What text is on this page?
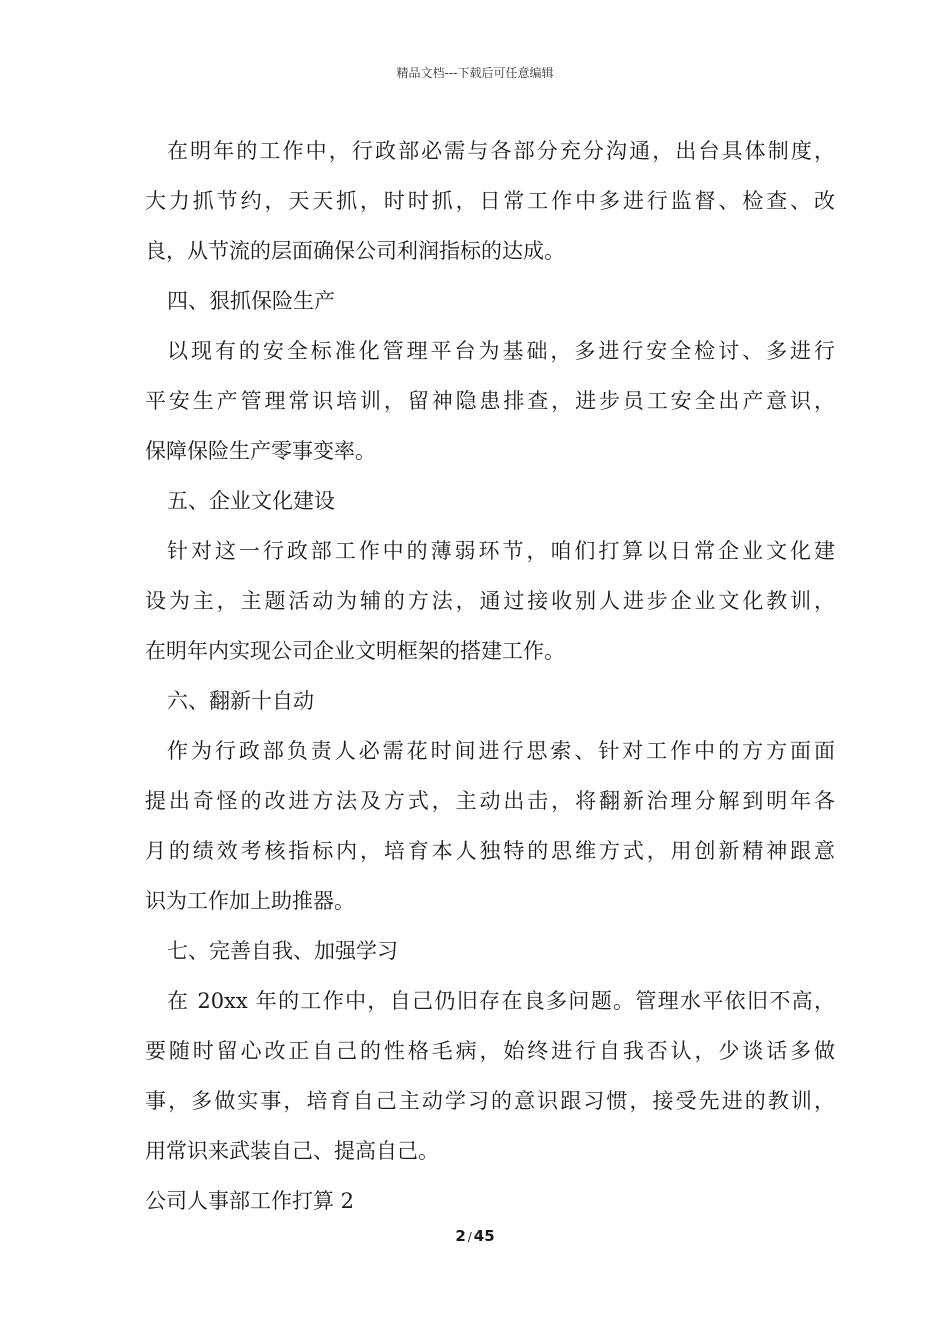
精品文档---下载后可任意编辑
在明年的工作中，行政部必需与各部分充分沟通，出台具体制度，
大力抓节约，天天抓，时时抓，日常工作中多进行监督、检查、改
良，从节流的层面确保公司利润指标的达成。
四、狠抓保险生产
以现有的安全标准化管理平台为基础，多进行安全检讨、多进行
平安生产管理常识培训，留神隐患排查，进步员工安全出产意识，
保障保险生产零事变率。
五、企业文化建设
针对这一行政部工作中的薄弱环节，咱们打算以日常企业文化建
设为主，主题活动为辅的方法，通过接收别人进步企业文化教训，
在明年内实现公司企业文明框架的搭建工作。
六、翻新十自动
作为行政部负责人必需花时间进行思索、针对工作中的方方面面
提出奇怪的改进方法及方式，主动出击，将翻新治理分解到明年各
月的绩效考核指标内，培育本人独特的思维方式，用创新精神跟意
识为工作加上助推器。
七、完善自我、加强学习
在 20xx 年的工作中，自己仍旧存在良多问题。管理水平依旧不高，
要随时留心改正自己的性格毛病，始终进行自我否认，少谈话多做
事，多做实事，培育自己主动学习的意识跟习惯，接受先进的教训，
用常识来武装自己、提高自己。
公司人事部工作打算 2
2 / 45
